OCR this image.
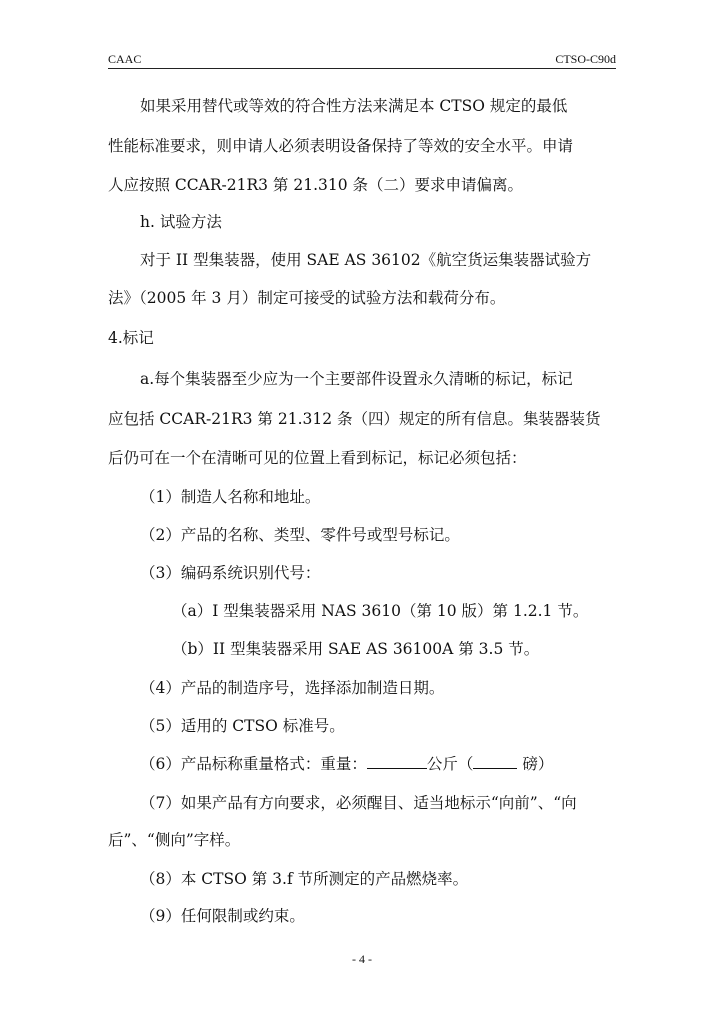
CAAC	CTSO-C90d
如果采用替代或等效的符合性方法来满足本 CTSO 规定的最低
性能标准要求，则申请人必须表明设备保持了等效的安全水平。申请
人应按照 CCAR-21R3 第 21.310 条（二）要求申请偏离。
h. 试验方法
对于 II 型集装器，使用 SAE AS 36102《航空货运集装器试验方
法》（2005 年 3 月）制定可接受的试验方法和载荷分布。
4.标记
a.每个集装器至少应为一个主要部件设置永久清晰的标记，标记
应包括 CCAR-21R3 第 21.312 条（四）规定的所有信息。集装器装货
后仍可在一个在清晰可见的位置上看到标记，标记必须包括：
（1）制造人名称和地址。
（2）产品的名称、类型、零件号或型号标记。
（3）编码系统识别代号：
（a）I 型集装器采用 NAS 3610（第 10 版）第 1.2.1 节。
（b）II 型集装器采用 SAE AS 36100A 第 3.5 节。
（4）产品的制造序号，选择添加制造日期。
（5）适用的 CTSO 标准号。
（6）产品标称重量格式：重量：	公斤（	磅）
（7）如果产品有方向要求，必须醒目、适当地标示“向前”、“向
后”、“侧向”字样。
（8）本 CTSO 第 3.f 节所测定的产品燃烧率。
（9）任何限制或约束。
- 4 -
